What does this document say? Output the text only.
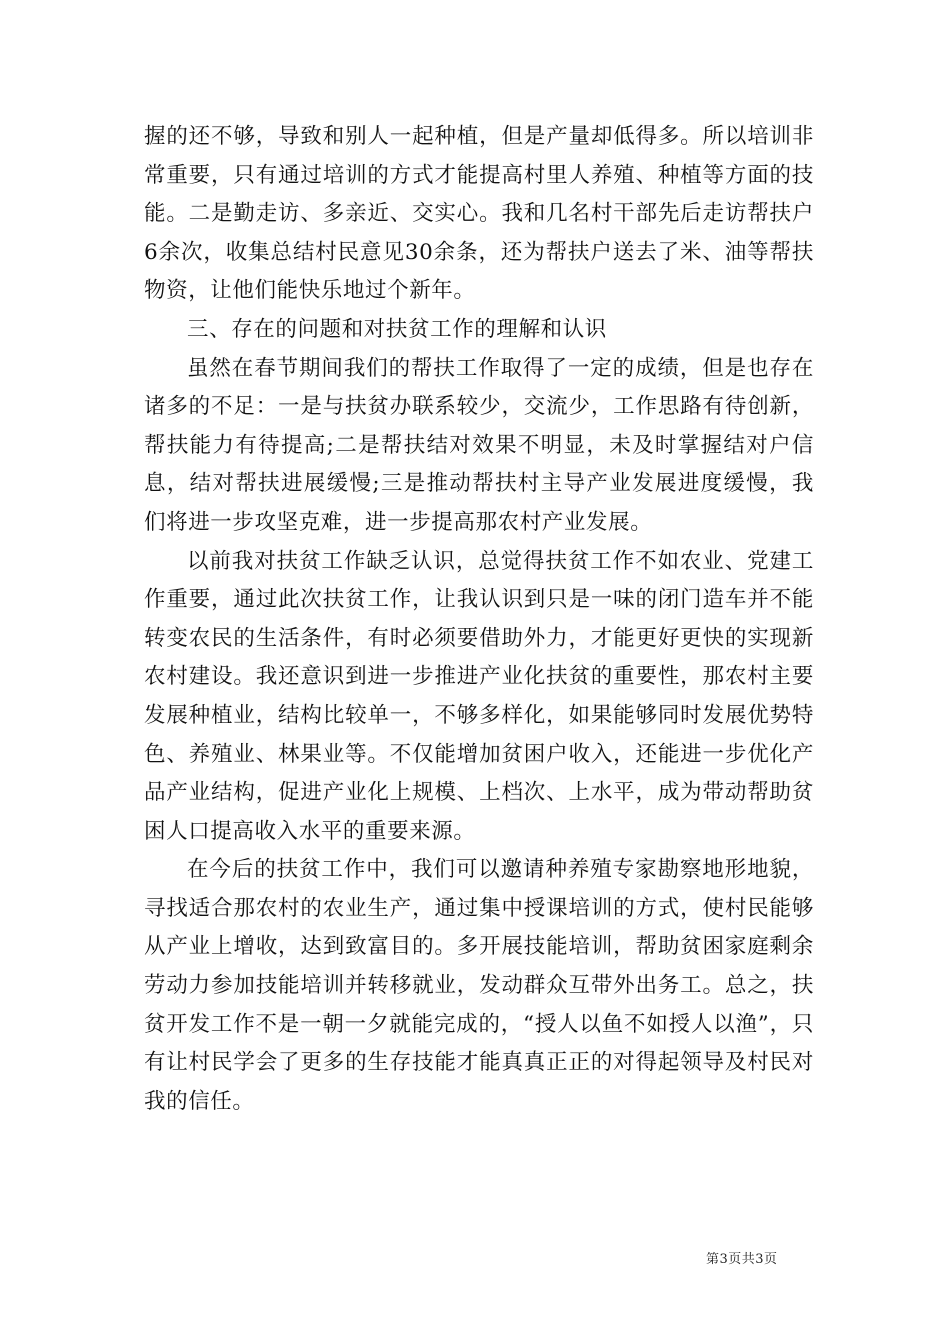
握的还不够，导致和别人一起种植，但是产量却低得多。所以培训非常重要，只有通过培训的方式才能提高村里人养殖、种植等方面的技能。二是勤走访、多亲近、交实心。我和几名村干部先后走访帮扶户6余次，收集总结村民意见30余条，还为帮扶户送去了米、油等帮扶物资，让他们能快乐地过个新年。

三、存在的问题和对扶贫工作的理解和认识

虽然在春节期间我们的帮扶工作取得了一定的成绩，但是也存在诸多的不足：一是与扶贫办联系较少，交流少，工作思路有待创新，帮扶能力有待提高;二是帮扶结对效果不明显，未及时掌握结对户信息，结对帮扶进展缓慢;三是推动帮扶村主导产业发展进度缓慢，我们将进一步攻坚克难，进一步提高那农村产业发展。

以前我对扶贫工作缺乏认识，总觉得扶贫工作不如农业、党建工作重要，通过此次扶贫工作，让我认识到只是一味的闭门造车并不能转变农民的生活条件，有时必须要借助外力，才能更好更快的实现新农村建设。我还意识到进一步推进产业化扶贫的重要性，那农村主要发展种植业，结构比较单一，不够多样化，如果能够同时发展优势特色、养殖业、林果业等。不仅能增加贫困户收入，还能进一步优化产品产业结构，促进产业化上规模、上档次、上水平，成为带动帮助贫困人口提高收入水平的重要来源。

在今后的扶贫工作中，我们可以邀请种养殖专家勘察地形地貌，寻找适合那农村的农业生产，通过集中授课培训的方式，使村民能够从产业上增收，达到致富目的。多开展技能培训，帮助贫困家庭剩余劳动力参加技能培训并转移就业，发动群众互带外出务工。总之，扶贫开发工作不是一朝一夕就能完成的，“授人以鱼不如授人以渔”，只有让村民学会了更多的生存技能才能真真正正的对得起领导及村民对我的信任。

第3页共3页
